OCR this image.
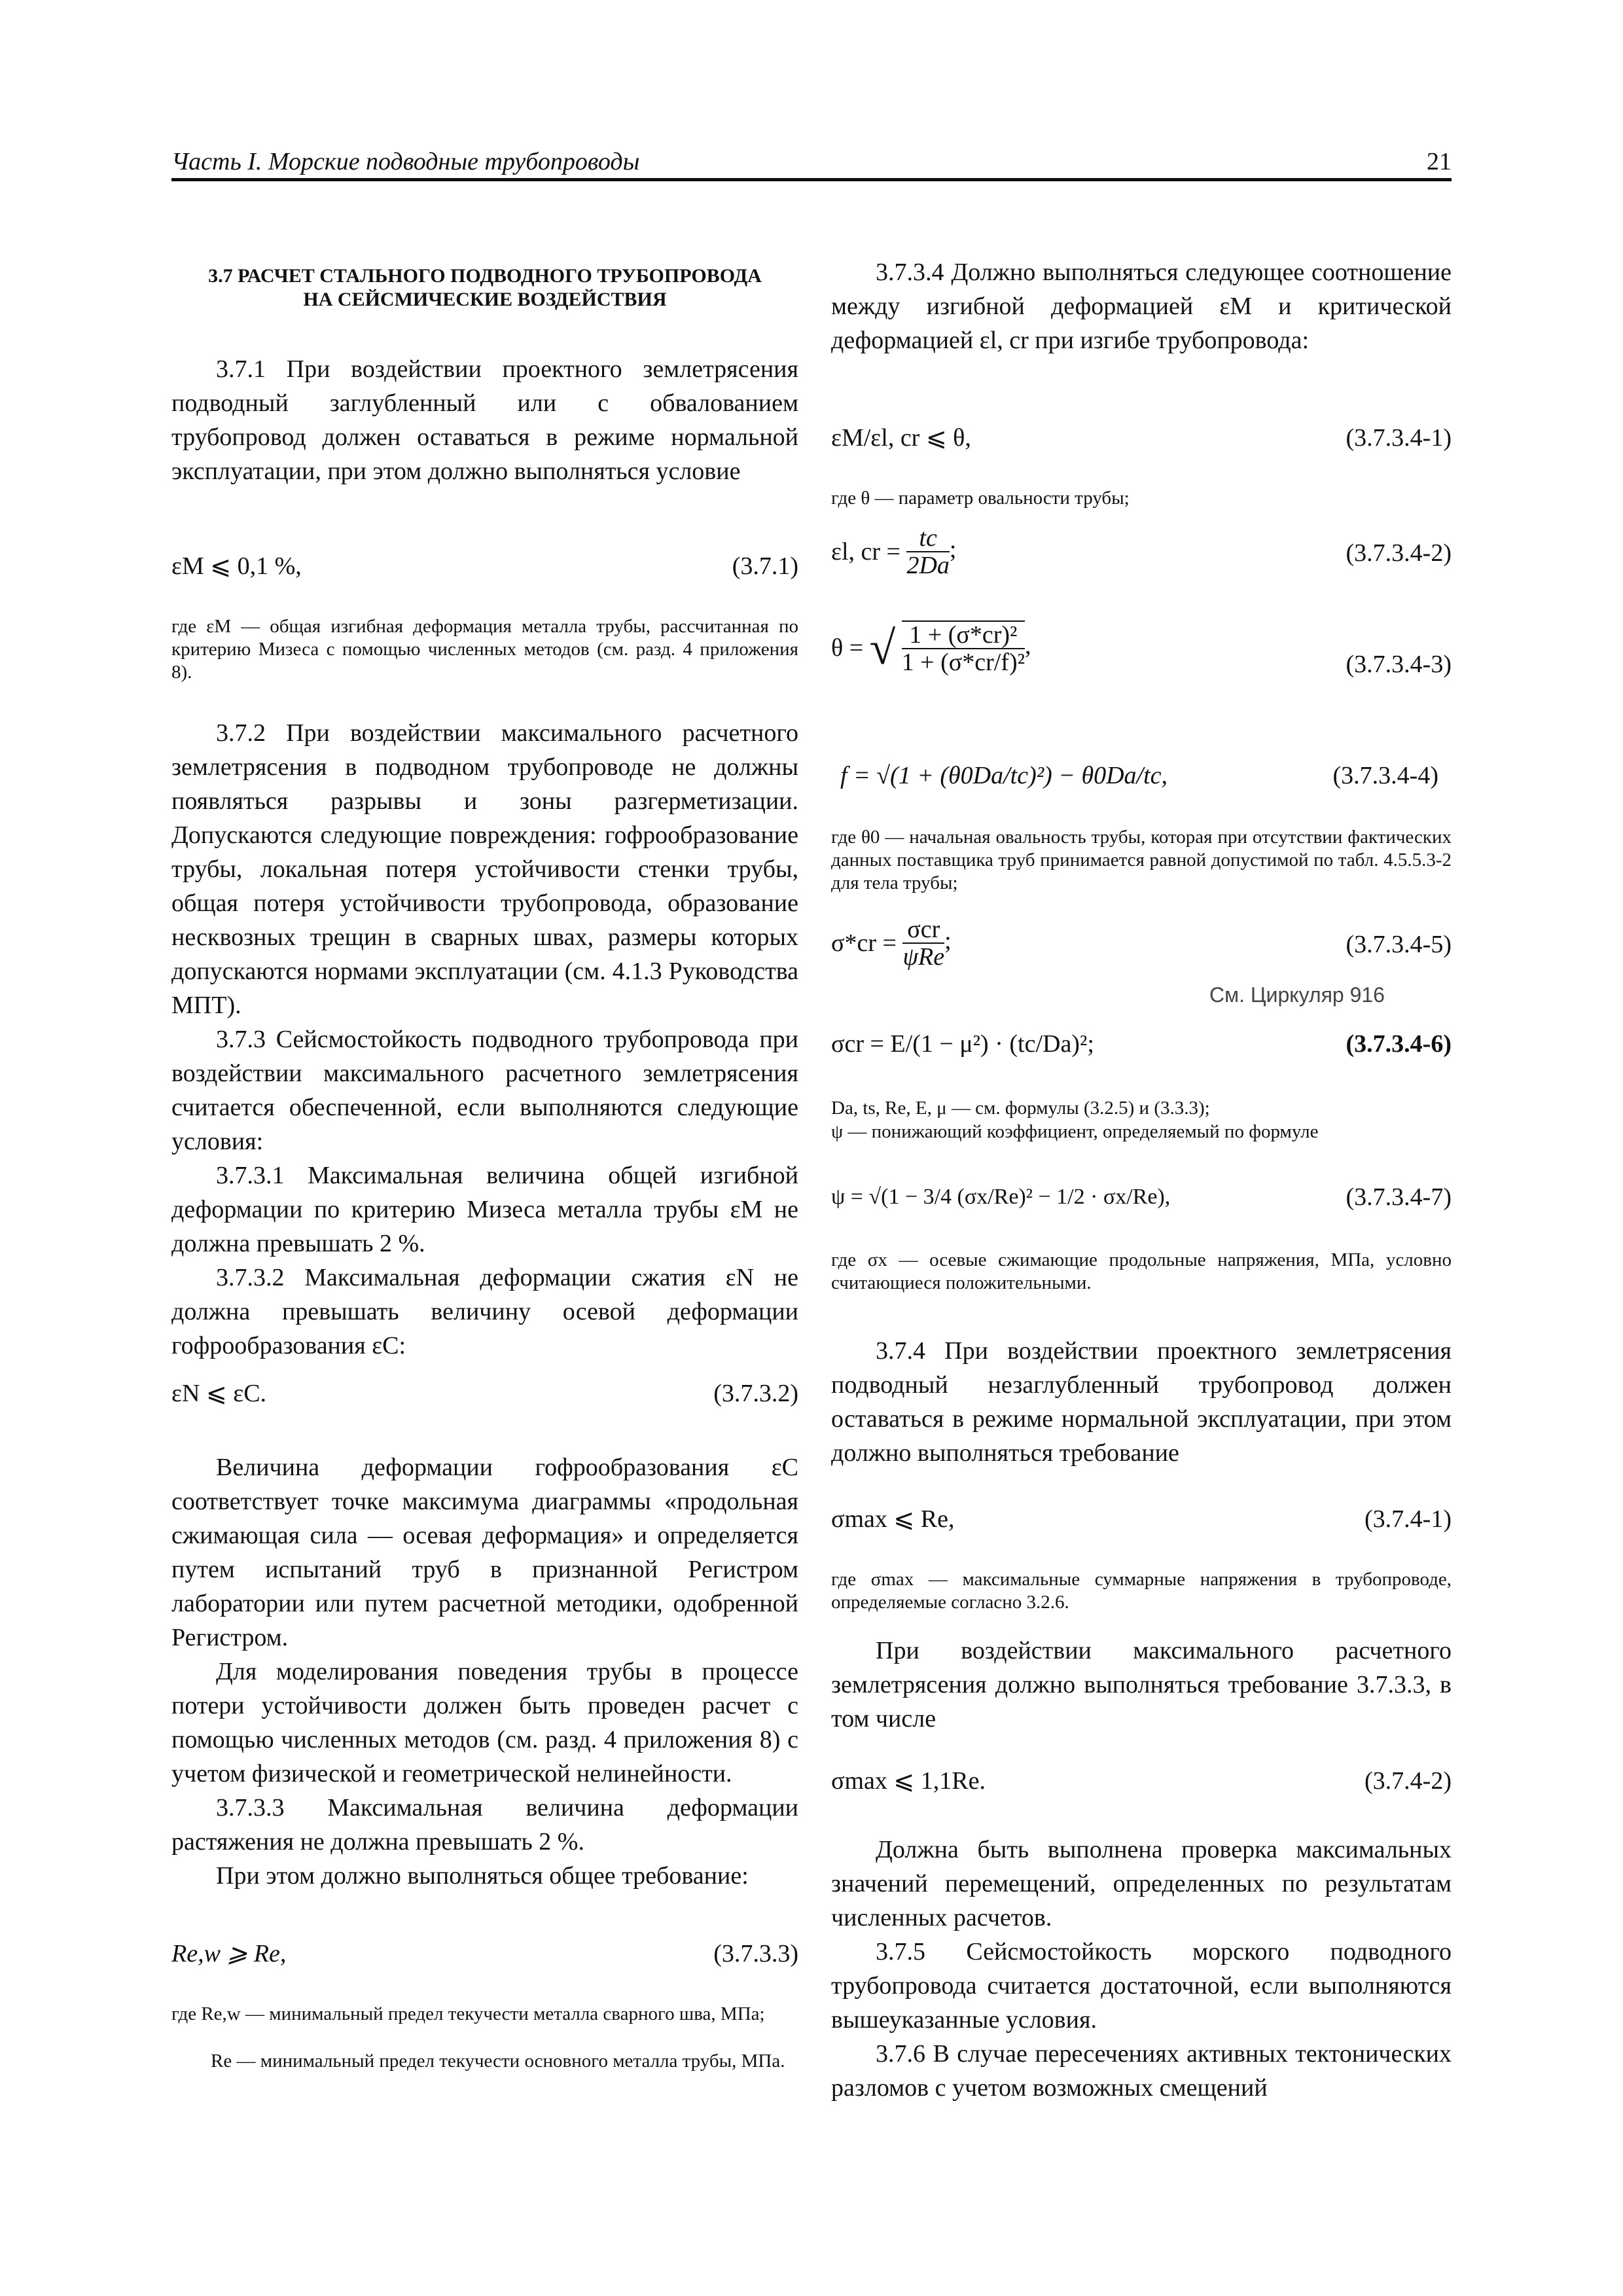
Часть I. Морские подводные трубопроводы	21
3.7 РАСЧЕТ СТАЛЬНОГО ПОДВОДНОГО ТРУБОПРОВОДА
НА СЕЙСМИЧЕСКИЕ ВОЗДЕЙСТВИЯ
3.7.1 При воздействии проектного землетрясения подводный заглубленный или с обвалованием трубопровод должен оставаться в режиме нормальной эксплуатации, при этом должно выполняться условие
εM ⩽ 0,1 %,	(3.7.1)
где εM — общая изгибная деформация металла трубы, рассчитанная по критерию Мизеса с помощью численных методов (см. разд. 4 приложения 8).
3.7.2 При воздействии максимального расчетного землетрясения в подводном трубопроводе не должны появляться разрывы и зоны разгерметизации. Допускаются следующие повреждения: гофрообразование трубы, локальная потеря устойчивости стенки трубы, общая потеря устойчивости трубопровода, образование несквозных трещин в сварных швах, размеры которых допускаются нормами эксплуатации (см. 4.1.3 Руководства МПТ).
3.7.3 Сейсмостойкость подводного трубопровода при воздействии максимального расчетного землетрясения считается обеспеченной, если выполняются следующие условия:
3.7.3.1 Максимальная величина общей изгибной деформации по критерию Мизеса металла трубы εM не должна превышать 2 %.
3.7.3.2 Максимальная деформации сжатия εN не должна превышать величину осевой деформации гофрообразования εC:
εN ⩽ εC.	(3.7.3.2)
Величина деформации гофрообразования εC соответствует точке максимума диаграммы «продольная сжимающая сила — осевая деформация» и определяется путем испытаний труб в признанной Регистром лаборатории или путем расчетной методики, одобренной Регистром.
Для моделирования поведения трубы в процессе потери устойчивости должен быть проведен расчет с помощью численных методов (см. разд. 4 приложения 8) с учетом физической и геометрической нелинейности.
3.7.3.3 Максимальная величина деформации растяжения не должна превышать 2 %.
При этом должно выполняться общее требование:
Re,w ⩾ Re,	(3.7.3.3)
где Re,w — минимальный предел текучести металла сварного шва, МПа;
Re — минимальный предел текучести основного металла трубы, МПа.
3.7.3.4 Должно выполняться следующее соотношение между изгибной деформацией εM и критической деформацией εl, cr при изгибе трубопровода:
εM/εl, cr ⩽ θ,	(3.7.3.4-1)
где θ — параметр овальности трубы;
εl, cr = $\frac{tc}{2Da}$ ;	(3.7.3.4-2)
θ = √ $\frac{\text{1 + (σ*cr)²}}{\text{1 + (σ*cr/f)²}}$ ,
(3.7.3.4-3)
f = √(1 + (θ0Da/tc)²) − θ0Da/tc,	(3.7.3.4-4)
где θ0 — начальная овальность трубы, которая при отсутствии фактических данных поставщика труб принимается равной допустимой по табл. 4.5.5.3-2 для тела трубы;
$\sigma*cr = \frac{\text{σcr}}{\text{ψRe}}$ ;	(3.7.3.4-5)
См. Циркуляр 916
σcr = E/(1 − μ²) · (tc/Da)²;	(3.7.3.4-6)
Da, ts, Re, E, μ — см. формулы (3.2.5) и (3.3.3);
ψ — понижающий коэффициент, определяемый по формуле
ψ = √(1 − 3/4 (σx/Re)² − 1/2 · σx/Re),	(3.7.3.4-7)
где σx — осевые сжимающие продольные напряжения, МПа, условно считающиеся положительными.
3.7.4 При воздействии проектного землетрясения подводный незаглубленный трубопровод должен оставаться в режиме нормальной эксплуатации, при этом должно выполняться требование
σmax ⩽ Re,	(3.7.4-1)
где σmax — максимальные суммарные напряжения в трубопроводе, определяемые согласно 3.2.6.
При воздействии максимального расчетного землетрясения должно выполняться требование 3.7.3.3, в том числе
σmax ⩽ 1,1Re.	(3.7.4-2)
Должна быть выполнена проверка максимальных значений перемещений, определенных по результатам численных расчетов.
3.7.5 Сейсмостойкость морского подводного трубопровода считается достаточной, если выполняются вышеуказанные условия.
3.7.6 В случае пересечениях активных тектонических разломов с учетом возможных смещений
